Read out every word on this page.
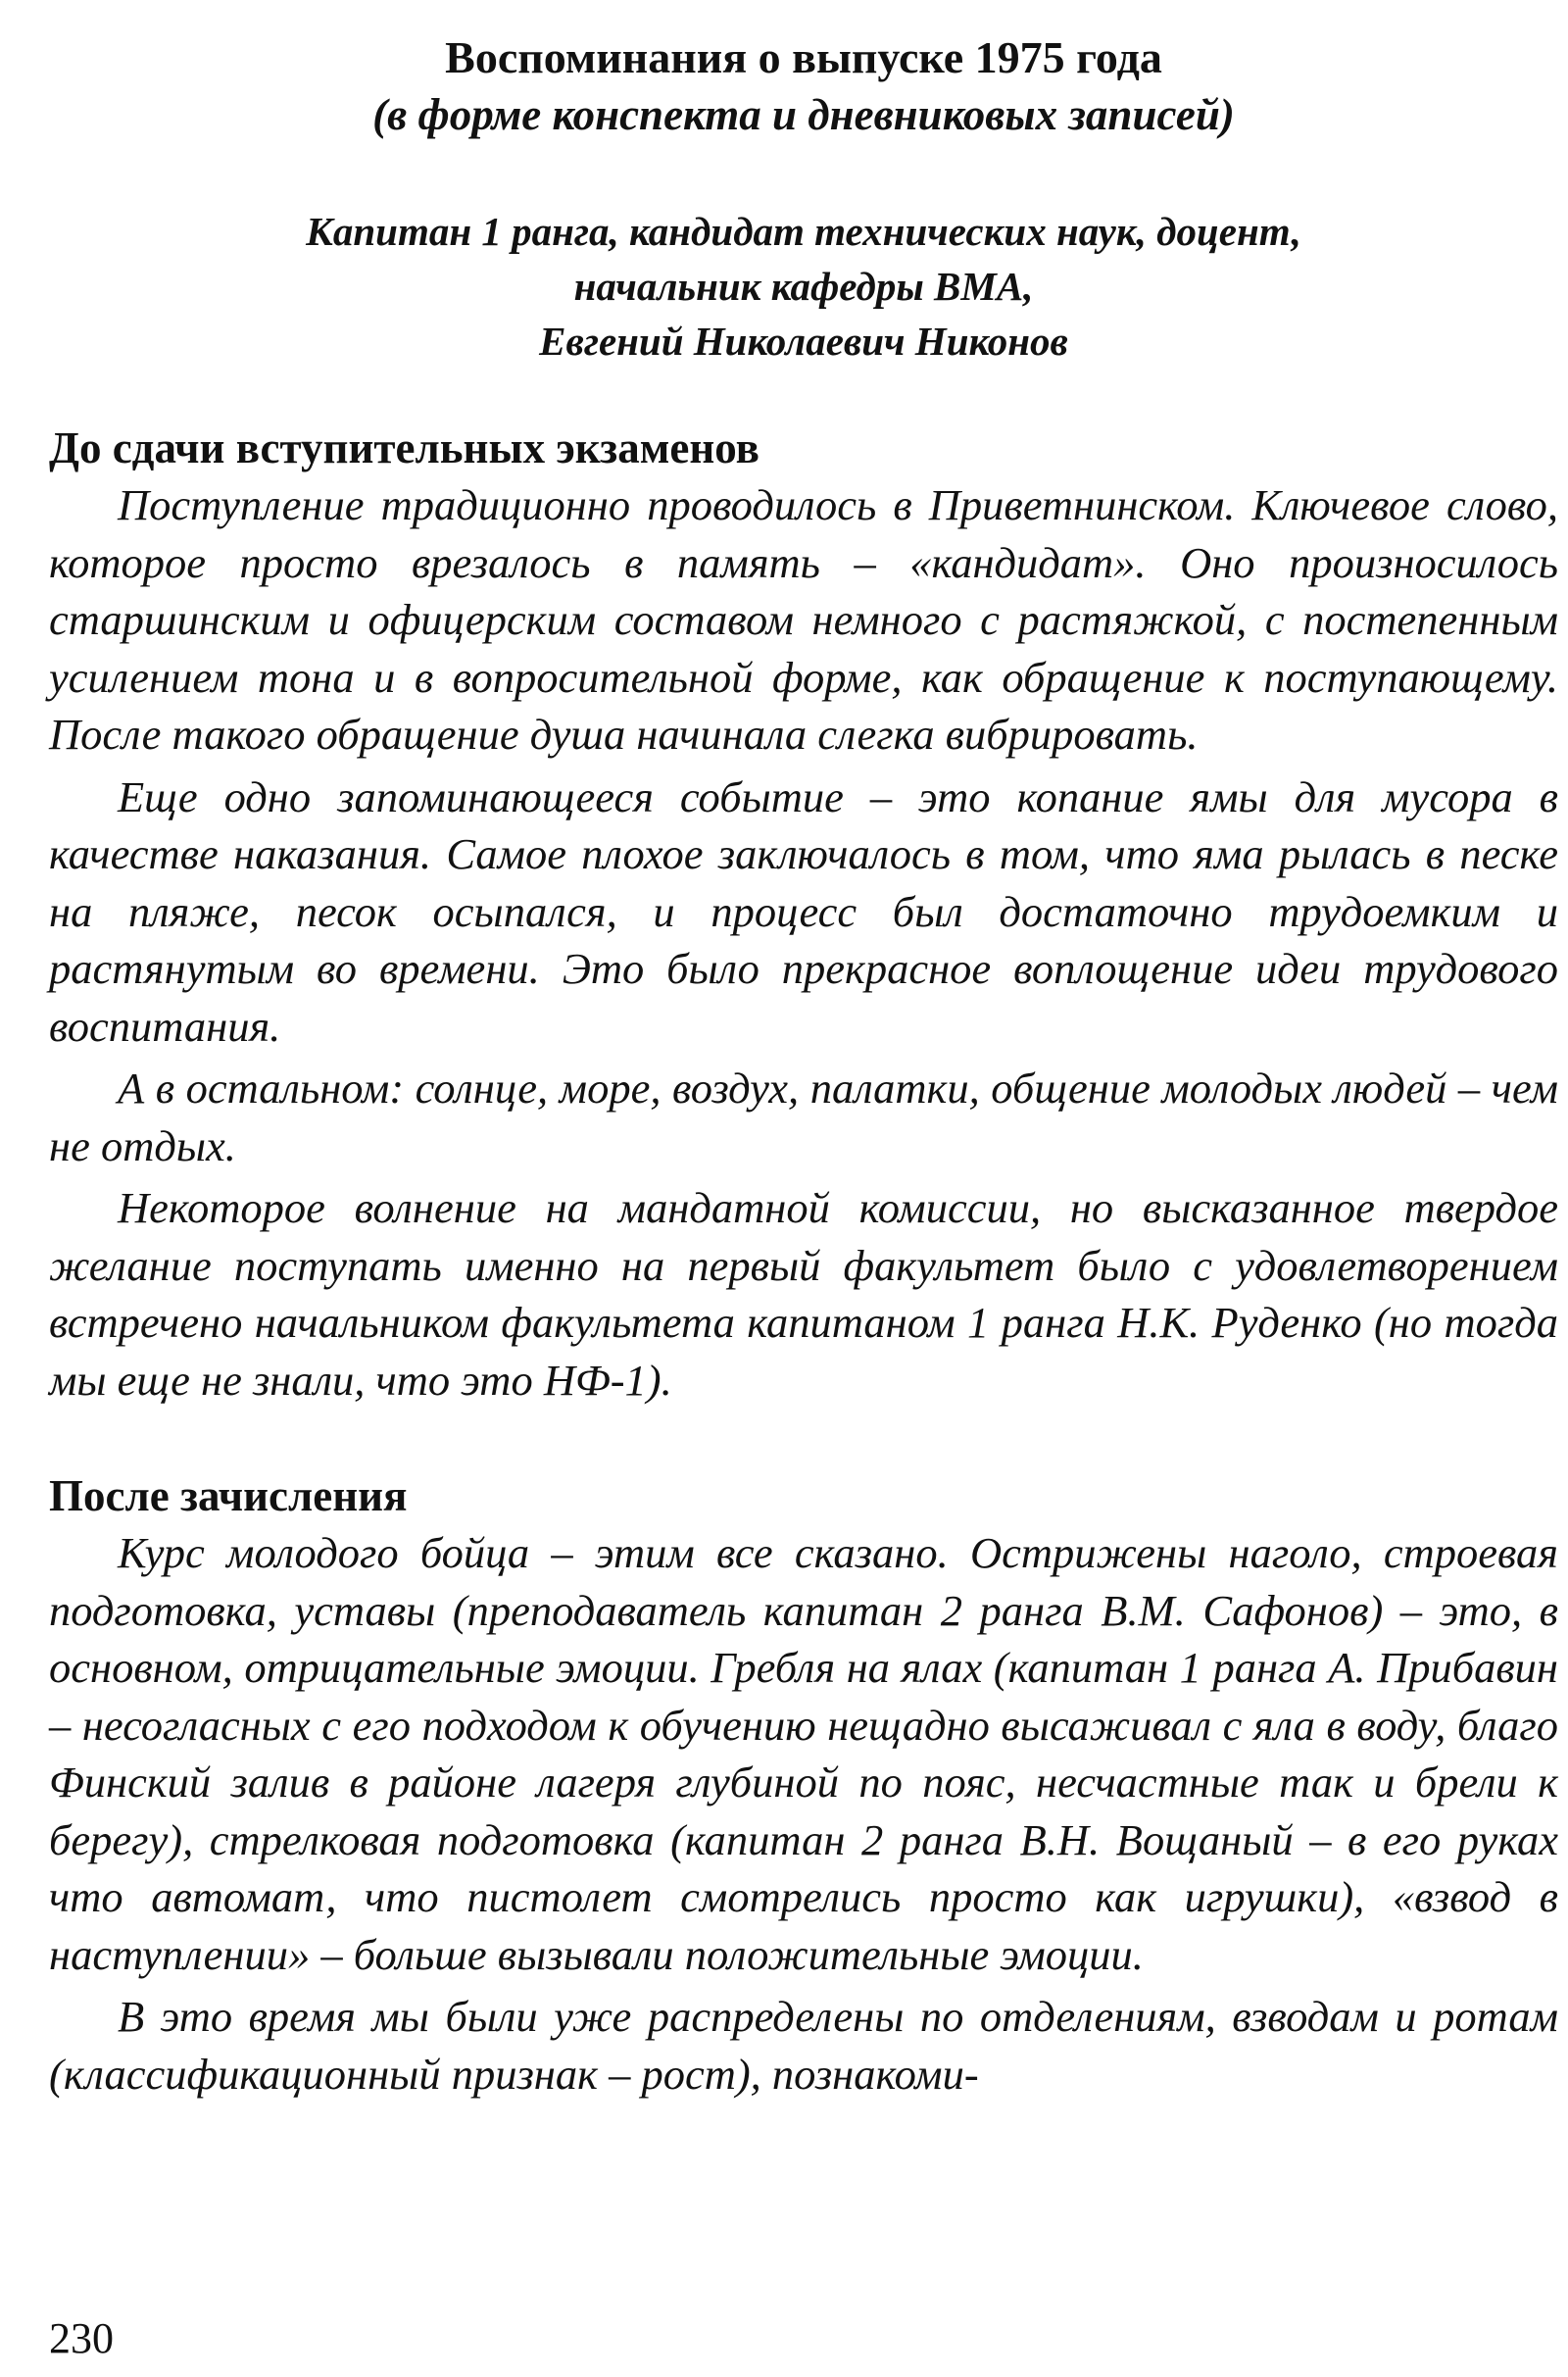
Воспоминания о выпуске 1975 года

(в форме конспекта и дневниковых записей)

Капитан 1 ранга, кандидат технических наук, доцент,

начальник кафедры ВМА,

Евгений Николаевич Никонов

До сдачи вступительных экзаменов

Поступление традиционно проводилось в Приветнинском. Ключевое слово, которое просто врезалось в память – «кандидат». Оно произносилось старшинским и офицерским составом немного с растяжкой, с постепенным усилением тона и в вопросительной форме, как обращение к поступающему. После такого обращение душа начинала слегка вибрировать.

Еще одно запоминающееся событие – это копание ямы для мусора в качестве наказания. Самое плохое заключалось в том, что яма рылась в песке на пляже, песок осыпался, и процесс был достаточно трудоемким и растянутым во времени. Это было прекрасное воплощение идеи трудового воспитания.

А в остальном: солнце, море, воздух, палатки, общение молодых людей – чем не отдых.

Некоторое волнение на мандатной комиссии, но высказанное твердое желание поступать именно на первый факультет было с удовлетворением встречено начальником факультета капитаном 1 ранга Н.К. Руденко (но тогда мы еще не знали, что это НФ-1).

После зачисления

Курс молодого бойца – этим все сказано. Острижены наголо, строевая подготовка, уставы (преподаватель капитан 2 ранга В.М. Сафонов) – это, в основном, отрицательные эмоции. Гребля на ялах (капитан 1 ранга А. Прибавин – несогласных с его подходом к обучению нещадно высаживал с яла в воду, благо Финский залив в районе лагеря глубиной по пояс, несчастные так и брели к берегу), стрелковая подготовка (капитан 2 ранга В.Н. Вощаный – в его руках что автомат, что пистолет смотрелись просто как игрушки), «взвод в наступлении» – больше вызывали положительные эмоции.

В это время мы были уже распределены по отделениям, взводам и ротам (классификационный признак – рост), познакоми-

230
